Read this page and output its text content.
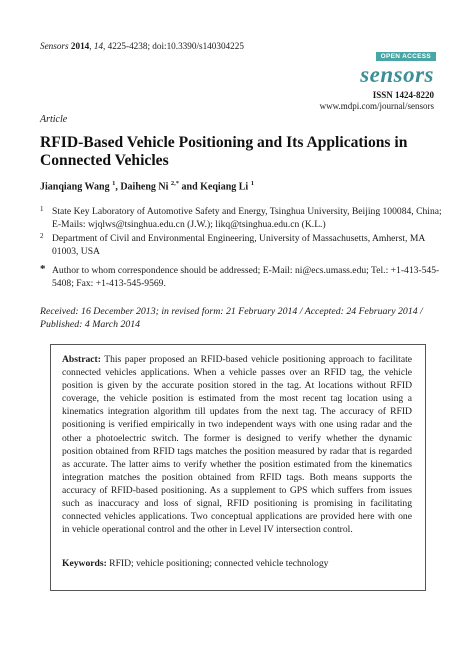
Sensors 2014, 14, 4225-4238; doi:10.3390/s140304225
OPEN ACCESS
sensors
ISSN 1424-8220
www.mdpi.com/journal/sensors
Article
RFID-Based Vehicle Positioning and Its Applications in Connected Vehicles
Jianqiang Wang $^1$, Daiheng Ni $^{2,*}$ and Keqiang Li $^1$
1 State Key Laboratory of Automotive Safety and Energy, Tsinghua University, Beijing 100084, China; E-Mails: wjqlws@tsinghua.edu.cn (J.W.); likq@tsinghua.edu.cn (K.L.)
2 Department of Civil and Environmental Engineering, University of Massachusetts, Amherst, MA 01003, USA
* Author to whom correspondence should be addressed; E-Mail: ni@ecs.umass.edu; Tel.: +1-413-545-5408; Fax: +1-413-545-9569.
Received: 16 December 2013; in revised form: 21 February 2014 / Accepted: 24 February 2014 / Published: 4 March 2014
Abstract: This paper proposed an RFID-based vehicle positioning approach to facilitate connected vehicles applications. When a vehicle passes over an RFID tag, the vehicle position is given by the accurate position stored in the tag. At locations without RFID coverage, the vehicle position is estimated from the most recent tag location using a kinematics integration algorithm till updates from the next tag. The accuracy of RFID positioning is verified empirically in two independent ways with one using radar and the other a photoelectric switch. The former is designed to verify whether the dynamic position obtained from RFID tags matches the position measured by radar that is regarded as accurate. The latter aims to verify whether the position estimated from the kinematics integration matches the position obtained from RFID tags. Both means supports the accuracy of RFID-based positioning. As a supplement to GPS which suffers from issues such as inaccuracy and loss of signal, RFID positioning is promising in facilitating connected vehicles applications. Two conceptual applications are provided here with one in vehicle operational control and the other in Level IV intersection control.
Keywords: RFID; vehicle positioning; connected vehicle technology
